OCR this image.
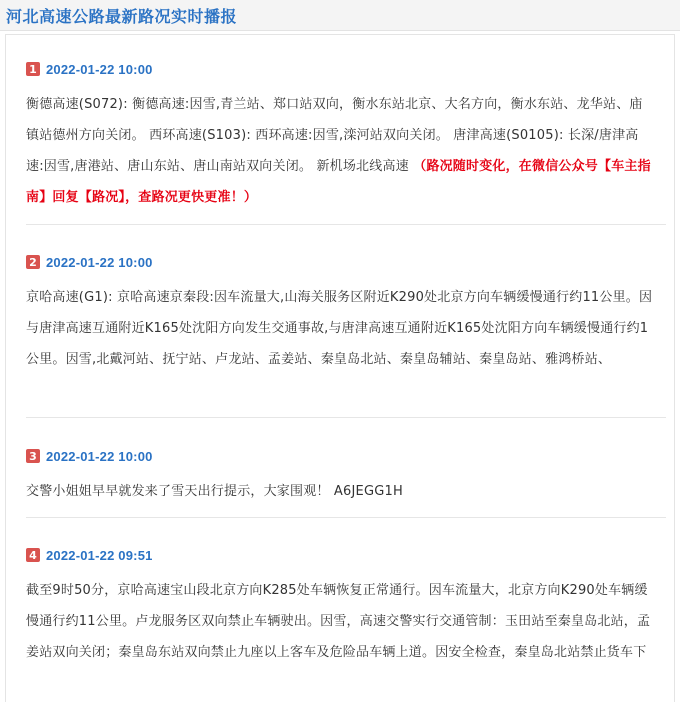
河北高速公路最新路况实时播报
1 2022-01-22 10:00
衡德高速(S072): 衡德高速:因雪,青兰站、郑口站双向，衡水东站北京、大名方向，衡水东站、龙华站、庙镇站德州方向关闭。 西环高速(S103): 西环高速:因雪,滦河站双向关闭。 唐津高速(S0105): 长深/唐津高速:因雪,唐港站、唐山东站、唐山南站双向关闭。 新机场北线高速 （路况随时变化，在微信公众号【车主指南】回复【路况】，查路况更快更准！）
2 2022-01-22 10:00
京哈高速(G1): 京哈高速京秦段:因车流量大,山海关服务区附近K290处北京方向车辆缓慢通行约11公里。因与唐津高速互通附近K165处沈阳方向发生交通事故,与唐津高速互通附近K165处沈阳方向车辆缓慢通行约1公里。因雪,北戴河站、抚宁站、卢龙站、孟姜站、秦皇岛北站、秦皇岛辅站、秦皇岛站、雅鸿桥站、
3 2022-01-22 10:00
交警小姐姐早早就发来了雪天出行提示，大家围观！ A6JEGG1H
4 2022-01-22 09:51
截至9时50分，京哈高速宝山段北京方向K285处车辆恢复正常通行。因车流量大，北京方向K290处车辆缓慢通行约11公里。卢龙服务区双向禁止车辆驶出。因雪，高速交警实行交通管制：玉田站至秦皇岛北站，孟姜站双向关闭；秦皇岛东站双向禁止九座以上客车及危险品车辆上道。因安全检查，秦皇岛北站禁止货车下
